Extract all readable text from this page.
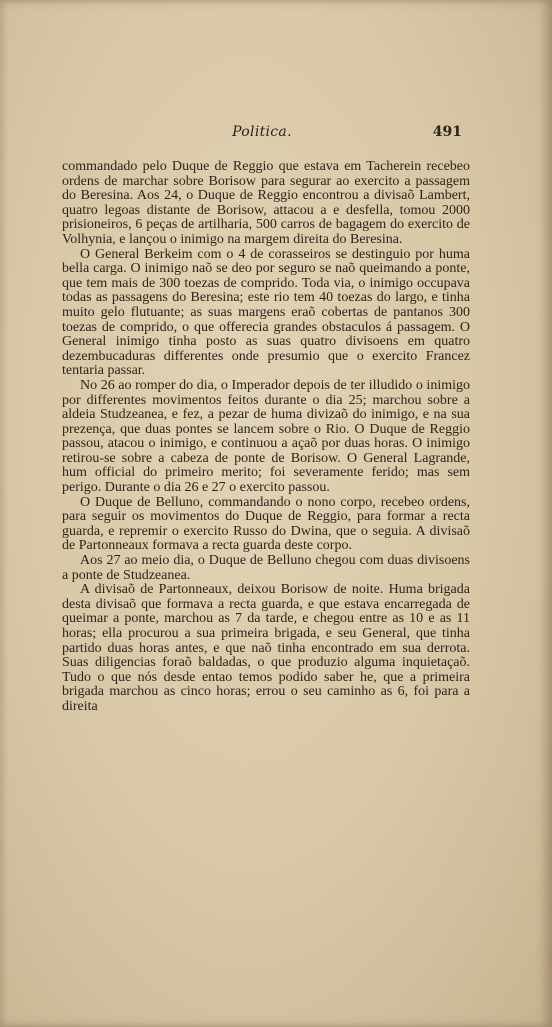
Politica.	491

commandado pelo Duque de Reggio que estava em Tacherein recebeo ordens de marchar sobre Borisow para segurar ao exercito a passagem do Beresina. Aos 24, o Duque de Reggio encontrou a divisaõ Lambert, quatro legoas distante de Borisow, attacou a e desfella, tomou 2000 prisioneiros, 6 peças de artilharia, 500 carros de bagagem do exercito de Volhynia, e lançou o inimigo na margem direita do Beresina.

O General Berkeim com o 4 de corasseiros se destinguio por huma bella carga. O inimigo naõ se deo por seguro se naõ queimando a ponte, que tem mais de 300 toezas de comprido. Toda via, o inimigo occupava todas as passagens do Beresina; este rio tem 40 toezas do largo, e tinha muito gelo flutuante; as suas margens eraõ cobertas de pantanos 300 toezas de comprido, o que offerecia grandes obstaculos á passagem. O General inimigo tinha posto as suas quatro divisoens em quatro dezembucaduras differentes onde presumio que o exercito Francez tentaria passar.

No 26 ao romper do dia, o Imperador depois de ter illudido o inimigo por differentes movimentos feitos durante o dia 25; marchou sobre a aldeia Studzeanea, e fez, a pezar de huma divizaõ do inimigo, e na sua prezença, que duas pontes se lancem sobre o Rio. O Duque de Reggio passou, atacou o inimigo, e continuou a açaõ por duas horas. O inimigo retirou-se sobre a cabeza de ponte de Borisow. O General Lagrande, hum official do primeiro merito; foi severamente ferido; mas sem perigo. Durante o dia 26 e 27 o exercito passou.

O Duque de Belluno, commandando o nono corpo, recebeo ordens, para seguir os movimentos do Duque de Reggio, para formar a recta guarda, e repremir o exercito Russo do Dwina, que o seguia. A divisaõ de Partonneaux formava a recta guarda deste corpo.

Aos 27 ao meio dia, o Duque de Belluno chegou com duas divisoens a ponte de Studzeanea.

A divisaõ de Partonneaux, deixou Borisow de noite. Huma brigada desta divisaõ que formava a recta guarda, e que estava encarregada de queimar a ponte, marchou as 7 da tarde, e chegou entre as 10 e as 11 horas; ella procurou a sua primeira brigada, e seu General, que tinha partido duas horas antes, e que naõ tinha encontrado em sua derrota. Suas diligencias foraõ baldadas, o que produzio alguma inquietaçaõ. Tudo o que nós desde entao temos podido saber he, que a primeira brigada marchou as cinco horas; errou o seu caminho as 6, foi para a direita
